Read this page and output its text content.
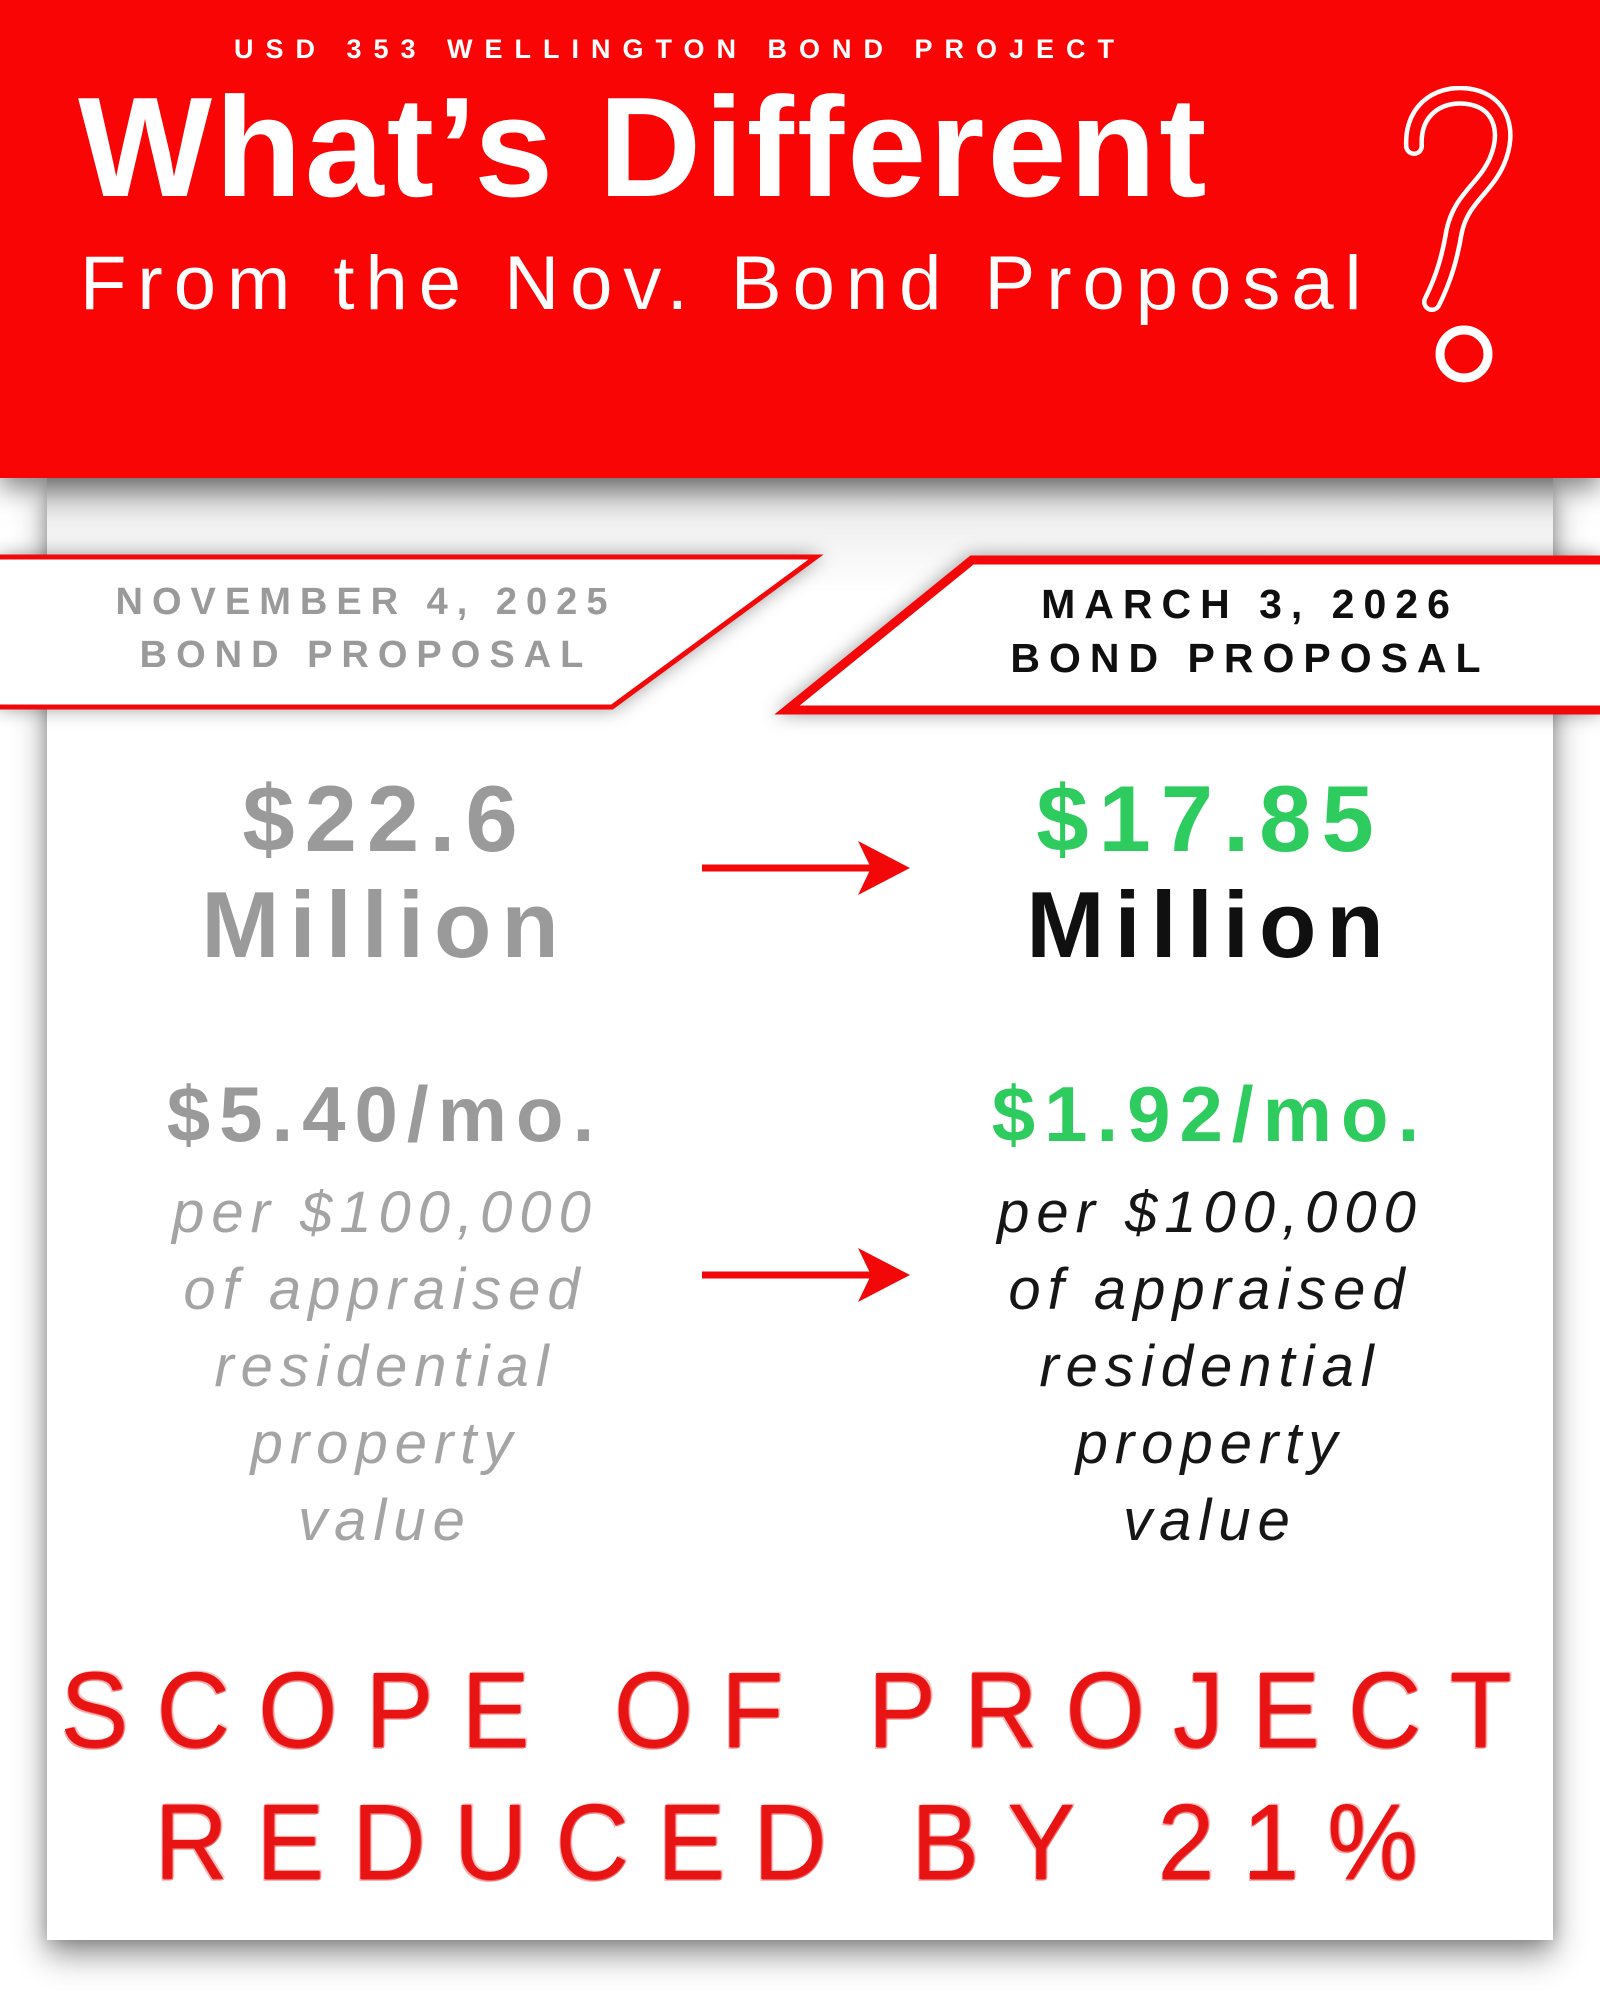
USD 353 WELLINGTON BOND PROJECT
What’s Different
From the Nov. Bond Proposal
NOVEMBER 4, 2025
BOND PROPOSAL
MARCH 3, 2026
BOND PROPOSAL
$22.6
Million
$17.85
Million
$5.40/mo.
per $100,000
of appraised
residential
property
value
$1.92/mo.
per $100,000
of appraised
residential
property
value
SCOPE OF PROJECT
REDUCED BY 21%
